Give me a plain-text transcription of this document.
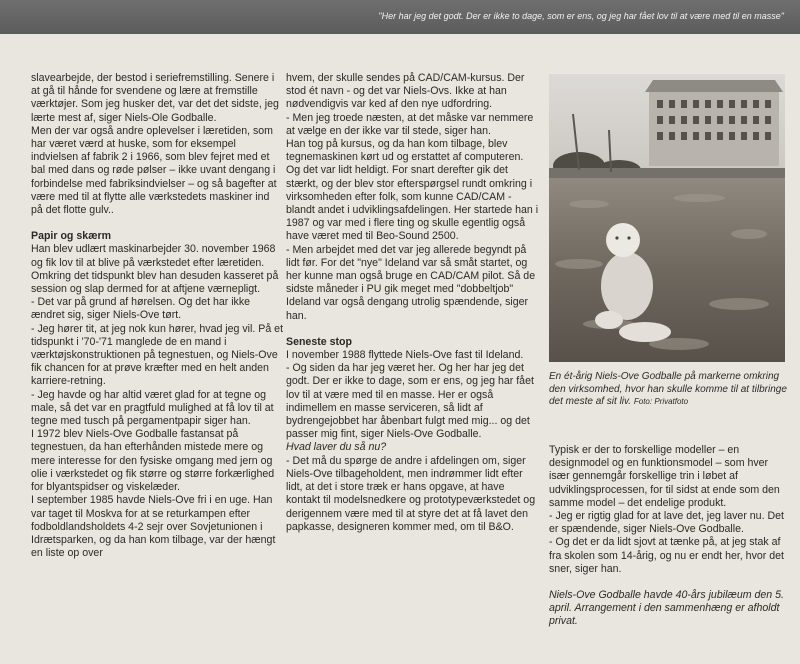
"Her har jeg det godt. Der er ikke to dage, som er ens, og jeg har fået lov til at være med til en masse"

slavearbejde, der bestod i seriefremstilling. Senere i at gå til hånde for svendene og lære at fremstille værktøjer. Som jeg husker det, var det det sidste, jeg lærte mest af, siger Niels-Ole Godballe.

Men der var også andre oplevelser i læretiden, som har været værd at huske, som for eksempel indvielsen af fabrik 2 i 1966, som blev fejret med et bal med dans og røde pølser – ikke uvant dengang i forbindelse med fabriksindvielser – og så bagefter at være med til at flytte alle værkstedets maskiner ind på det flotte gulv..

Papir og skærm

Han blev udlært maskinarbejder 30. november 1968 og fik lov til at blive på værkstedet efter læretiden. Omkring det tidspunkt blev han desuden kasseret på session og slap dermed for at aftjene værnepligt.

- Det var på grund af hørelsen. Og det har ikke ændret sig, siger Niels-Ove tørt.

- Jeg hører tit, at jeg nok kun hører, hvad jeg vil. På et tidspunkt i '70-'71 manglede de en mand i værktøjskonstruktionen på tegnestuen, og Niels-Ove fik chancen for at prøve kræfter med en helt anden karriere-retning.

- Jeg havde og har altid været glad for at tegne og male, så det var en pragtfuld mulighed at få lov til at tegne med tusch på pergamentpapir siger han.

I 1972 blev Niels-Ove Godballe fastansat på tegnestuen, da han efterhånden mistede mere og mere interesse for den fysiske omgang med jern og olie i værkstedet og fik større og større forkærlighed for blyantspidser og viskelæder.

I september 1985 havde Niels-Ove fri i en uge. Han var taget til Moskva for at se returkampen efter fodboldlandsholdets 4-2 sejr over Sovjetunionen i Idrætsparken, og da han kom tilbage, var der hængt en liste op over

hvem, der skulle sendes på CAD/CAM-kursus. Der stod ét navn - og det var Niels-Ovs. Ikke at han nødvendigvis var ked af den nye udfordring.

- Men jeg troede næsten, at det måske var nemmere at vælge en der ikke var til stede, siger han.

Han tog på kursus, og da han kom tilbage, blev tegnemaskinen kørt ud og erstattet af computeren. Og det var lidt heldigt. For snart derefter gik det stærkt, og der blev stor efterspørgsel rundt omkring i virksomheden efter folk, som kunne CAD/CAM - blandt andet i udviklingsafdelingen. Her startede han i 1987 og var med i flere ting og skulle egentlig også have været med til Beo-Sound 2500.

- Men arbejdet med det var jeg allerede begyndt på lidt før. For det "nye" Ideland var så småt startet, og her kunne man også bruge en CAD/CAM pilot. Så de sidste måneder i PU gik meget med "dobbeltjob" Ideland var også dengang utrolig spændende, siger han.

Seneste stop

I november 1988 flyttede Niels-Ove fast til Ideland.

- Og siden da har jeg været her. Og her har jeg det godt. Der er ikke to dage, som er ens, og jeg har fået lov til at være med til en masse. Her er også indimellem en masse servicеren, så lidt af bydrengejobbet har åbenbart fulgt med mig... og det passer mig fint, siger Niels-Ove Godballe.

Hvad laver du så nu?

- Det må du spørge de andre i afdelingen om, siger Niels-Ove tilbageholdent, men indrømmer lidt efter lidt, at det i store træk er hans opgave, at have kontakt til modelsnedkere og prototypeværkstedet og derigennem være med til at styre det at få lavet den papkasse, designeren kommer med, om til B&O.

En ét-årig Niels-Ove Godballe på markerne omkring den virksomhed, hvor han skulle komme til at tilbringe det meste af sit liv. Foto: Privatfoto

Typisk er der to forskellige modeller – en designmodel og en funktionsmodel – som hver især gennemgår forskellige trin i løbet af udviklingsprocessen, for til sidst at ende som den samme model – det endelige produkt.

- Jeg er rigtig glad for at lave det, jeg laver nu. Det er spændende, siger Niels-Ove Godballe.

- Og det er da lidt sjovt at tænke på, at jeg stak af fra skolen som 14-årig, og nu er endt her, hvor det sner, siger han.

Niels-Ove Godballe havde 40-års jubilæum den 5. april. Arrangement i den sammenhæng er afholdt privat.
